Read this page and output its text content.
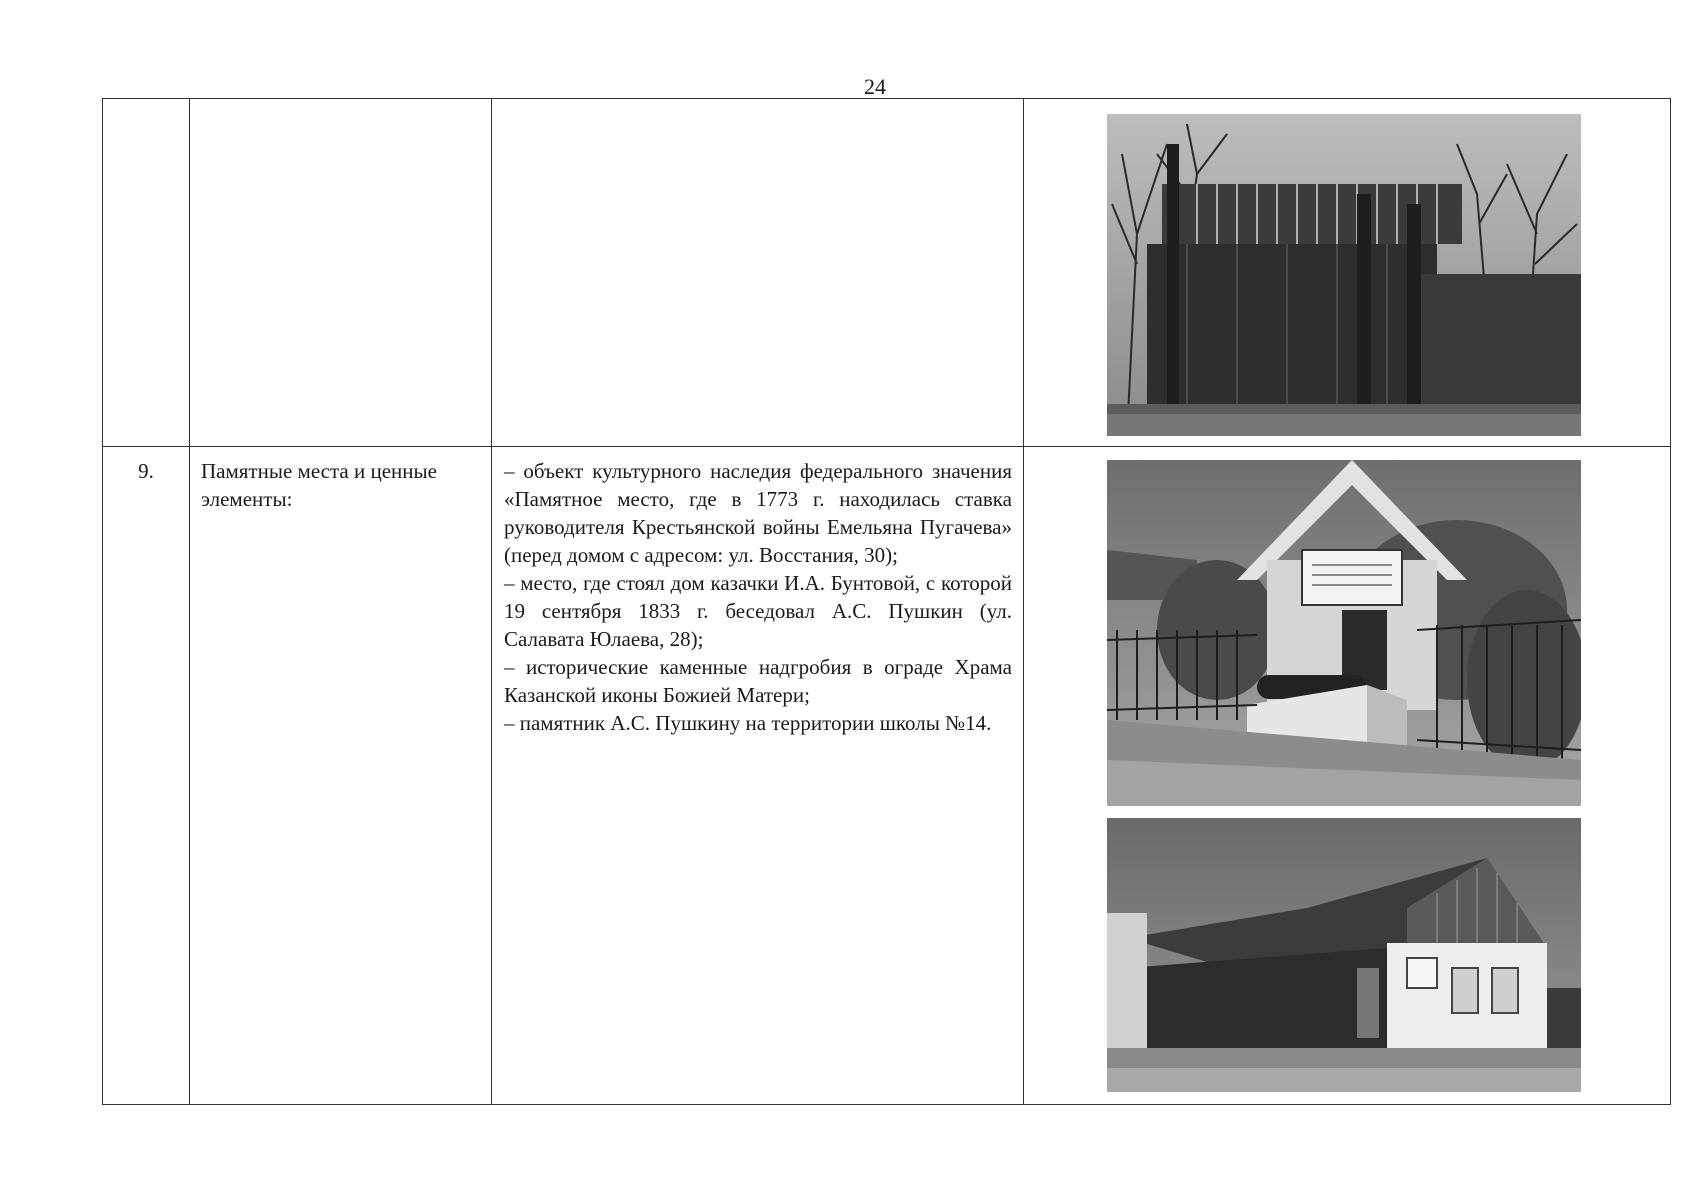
24

9.	Памятные места и ценные элементы:	– объект культурного наследия федерального значения «Памятное место, где в 1773 г. находилась ставка руководителя Крестьянской войны Емельяна Пугачева» (перед домом с адресом: ул. Восстания, 30);

– место, где стоял дом казачки И.А. Бунтовой, с которой 19 сентября 1833 г. беседовал А.С. Пушкин (ул. Салавата Юлаева, 28);

– исторические каменные надгробия в ограде Храма Казанской иконы Божией Матери;

– памятник А.С. Пушкину на территории школы №14.
